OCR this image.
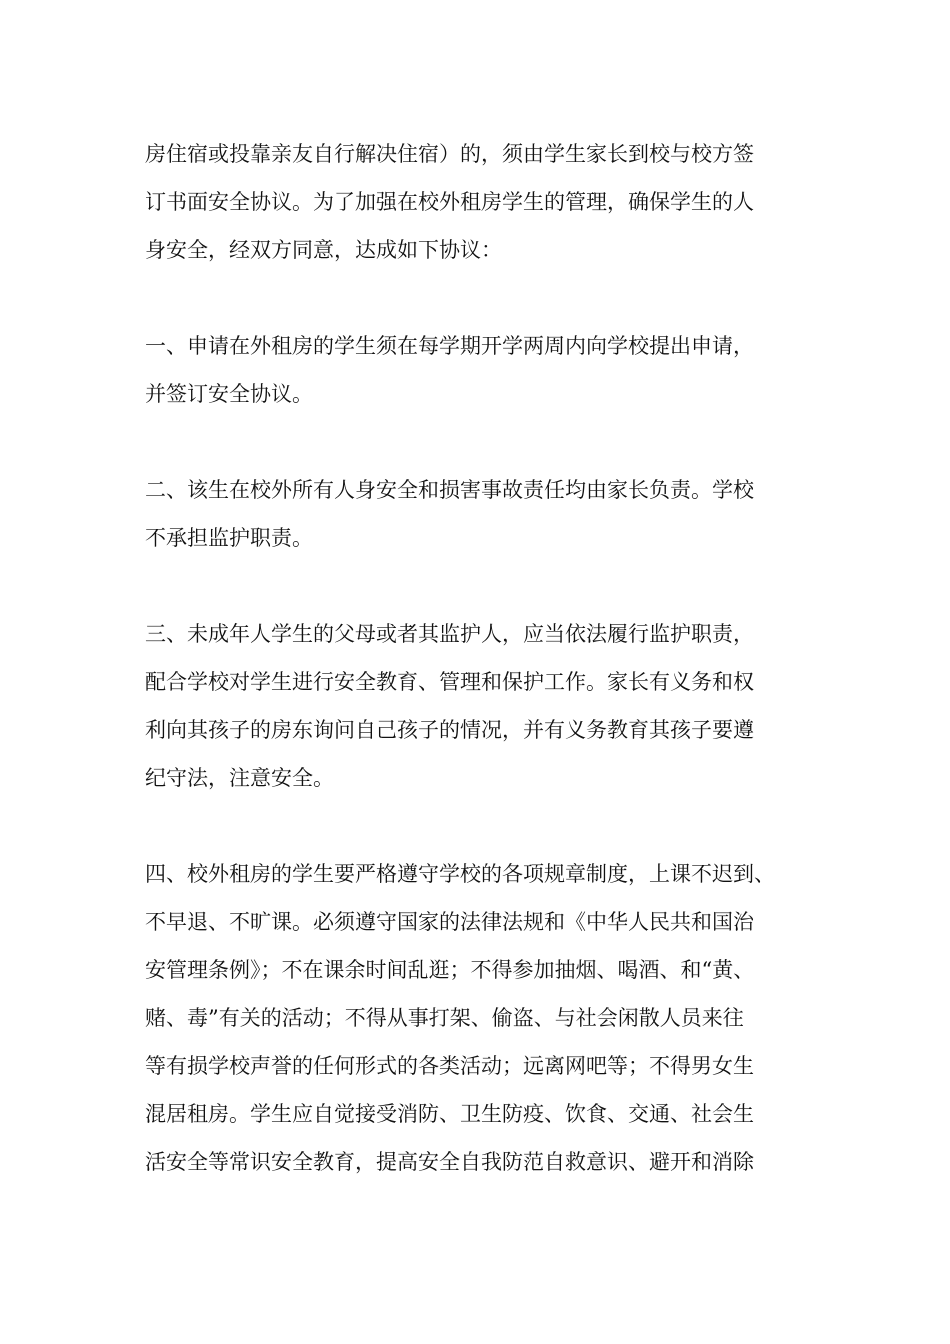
房住宿或投靠亲友自行解决住宿）的，须由学生家长到校与校方签
订书面安全协议。为了加强在校外租房学生的管理，确保学生的人
身安全，经双方同意，达成如下协议：
一、申请在外租房的学生须在每学期开学两周内向学校提出申请，
并签订安全协议。
二、该生在校外所有人身安全和损害事故责任均由家长负责。学校
不承担监护职责。
三、未成年人学生的父母或者其监护人，应当依法履行监护职责，
配合学校对学生进行安全教育、管理和保护工作。家长有义务和权
利向其孩子的房东询问自己孩子的情况，并有义务教育其孩子要遵
纪守法，注意安全。
四、校外租房的学生要严格遵守学校的各项规章制度，上课不迟到、
不早退、不旷课。必须遵守国家的法律法规和《中华人民共和国治
安管理条例》；不在课余时间乱逛；不得参加抽烟、喝酒、和“黄、
赌、毒”有关的活动；不得从事打架、偷盗、与社会闲散人员来往
等有损学校声誉的任何形式的各类活动；远离网吧等；不得男女生
混居租房。学生应自觉接受消防、卫生防疫、饮食、交通、社会生
活安全等常识安全教育，提高安全自我防范自救意识、避开和消除
